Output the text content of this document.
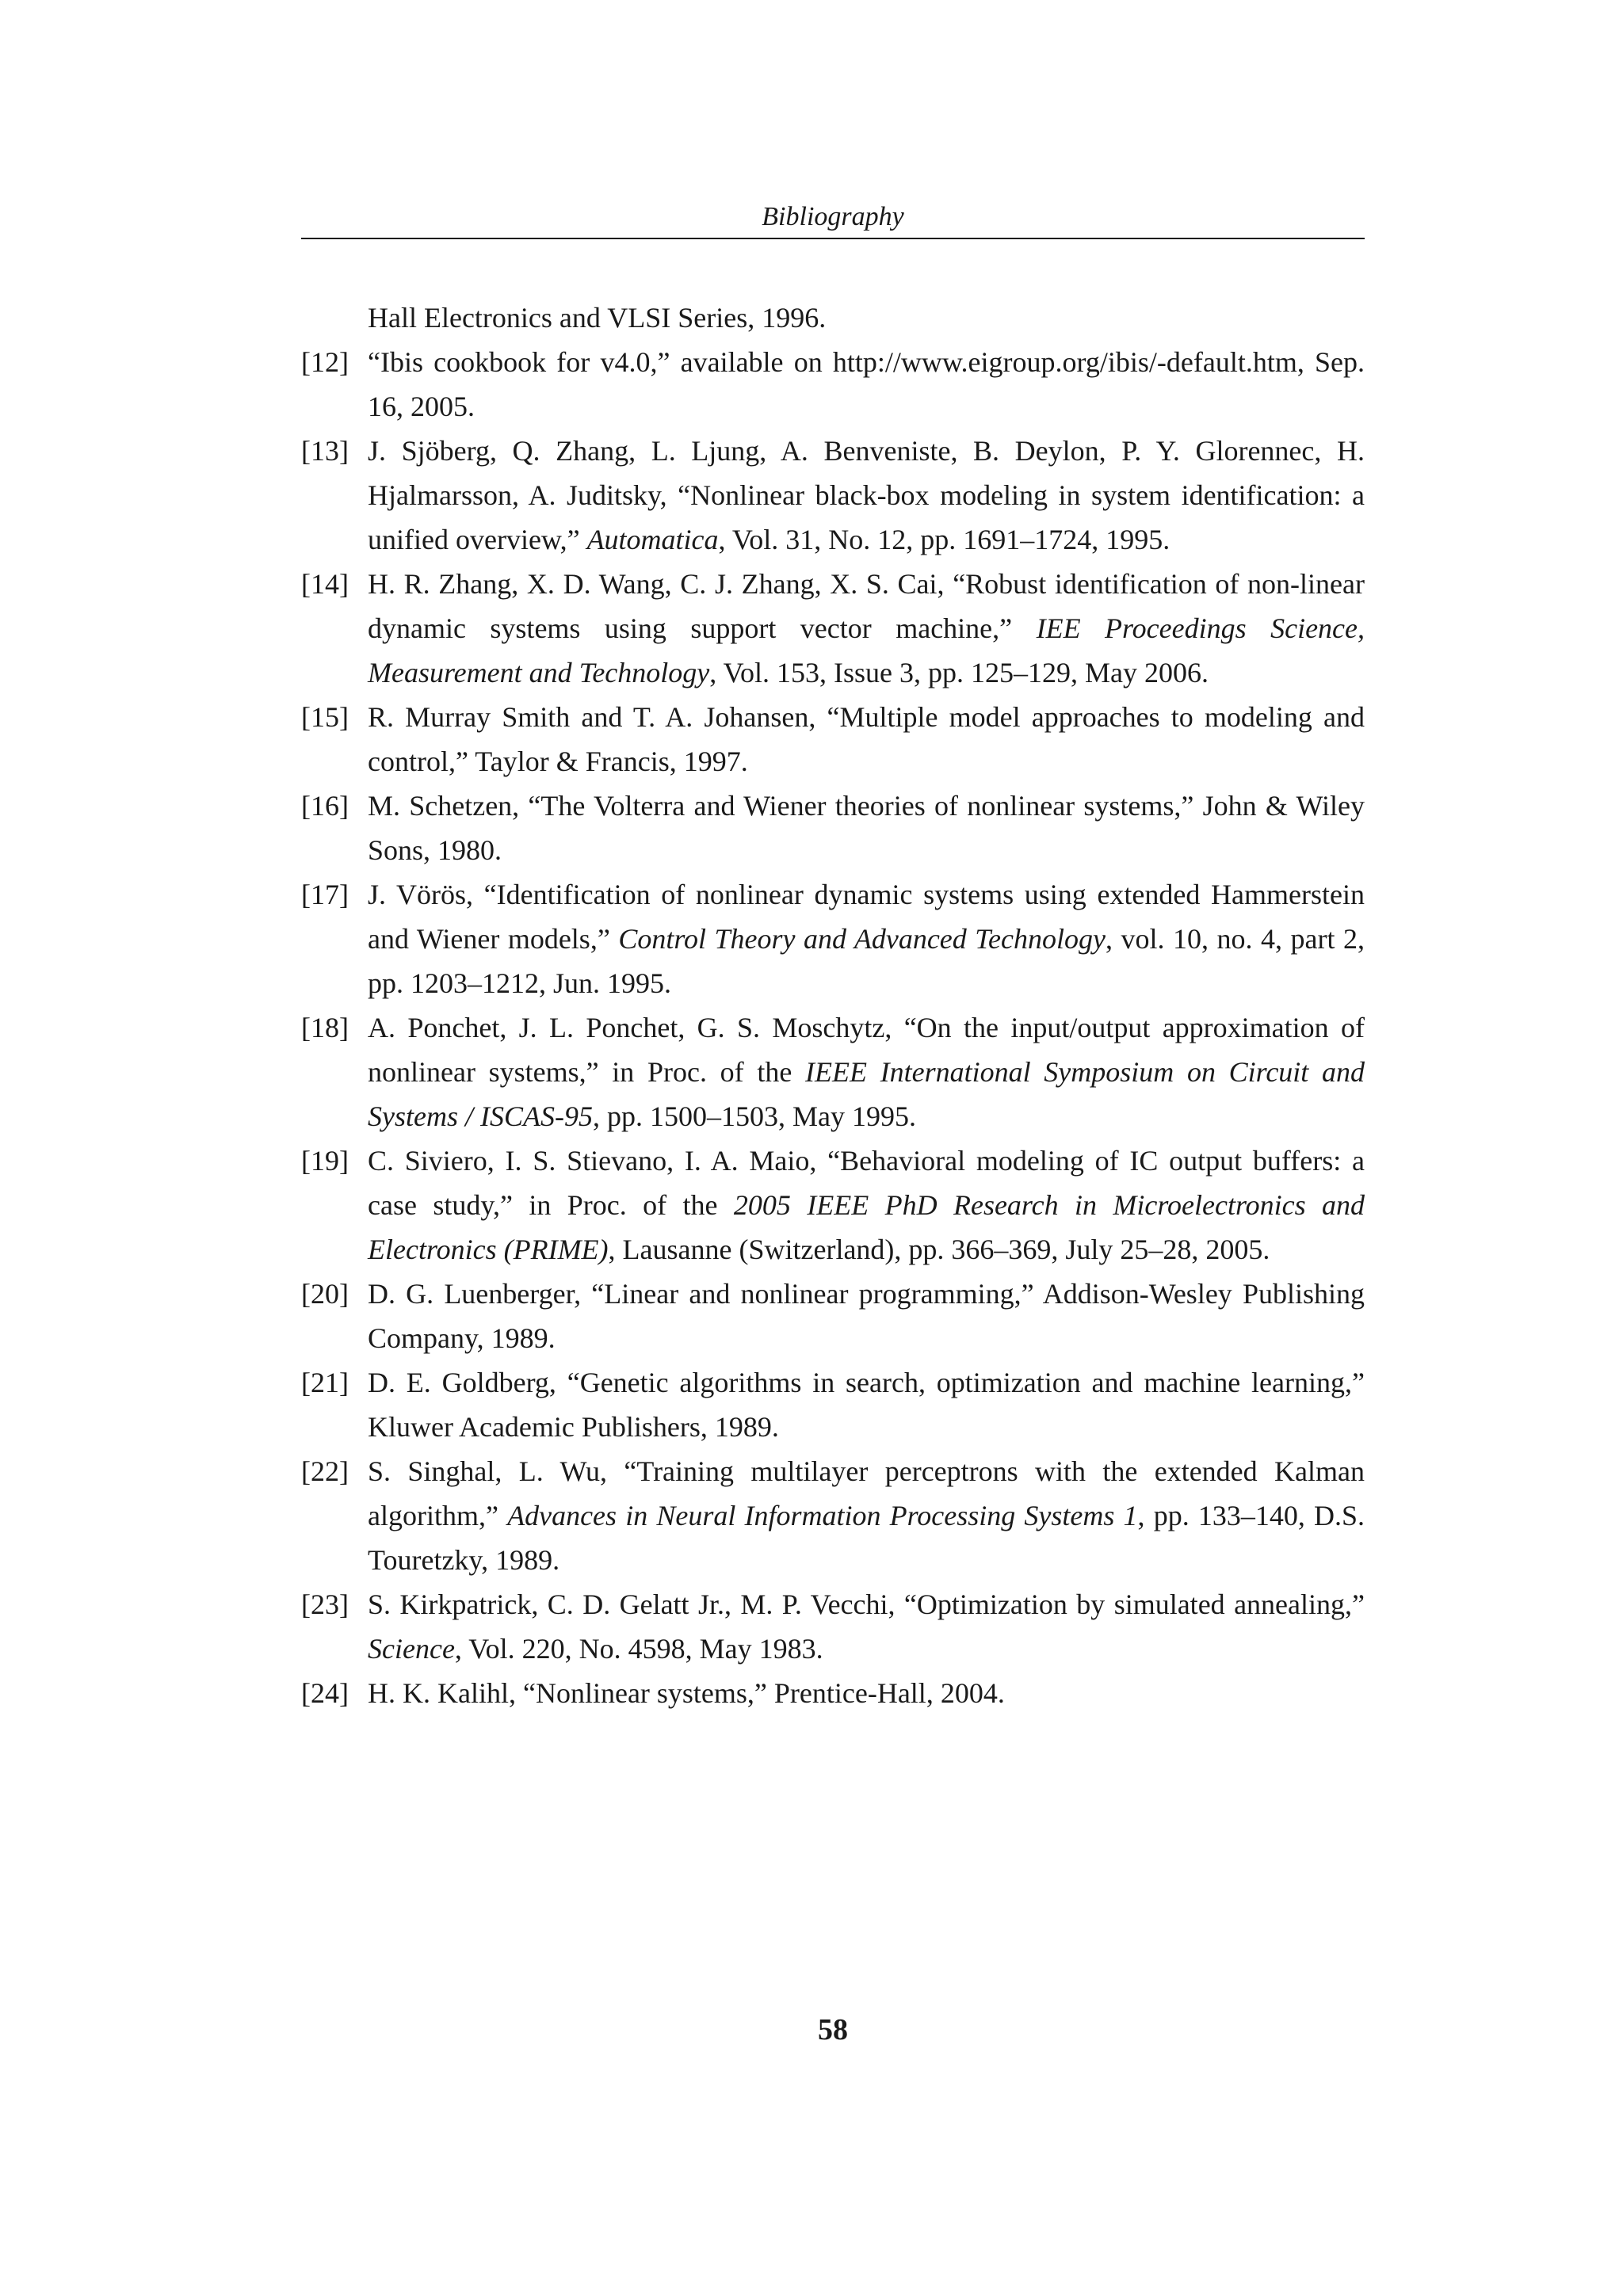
Bibliography
Hall Electronics and VLSI Series, 1996.
[12] “Ibis cookbook for v4.0,” available on http://www.eigroup.org/ibis/-default.htm, Sep. 16, 2005.
[13] J. Sjöberg, Q. Zhang, L. Ljung, A. Benveniste, B. Deylon, P. Y. Glorennec, H. Hjalmarsson, A. Juditsky, “Nonlinear black-box modeling in system identification: a unified overview,” Automatica, Vol. 31, No. 12, pp. 1691–1724, 1995.
[14] H. R. Zhang, X. D. Wang, C. J. Zhang, X. S. Cai, “Robust identification of non-linear dynamic systems using support vector machine,” IEE Proceedings Science, Measurement and Technology, Vol. 153, Issue 3, pp. 125–129, May 2006.
[15] R. Murray Smith and T. A. Johansen, “Multiple model approaches to modeling and control,” Taylor & Francis, 1997.
[16] M. Schetzen, “The Volterra and Wiener theories of nonlinear systems,” John & Wiley Sons, 1980.
[17] J. Vörös, “Identification of nonlinear dynamic systems using extended Hammerstein and Wiener models,” Control Theory and Advanced Technology, vol. 10, no. 4, part 2, pp. 1203–1212, Jun. 1995.
[18] A. Ponchet, J. L. Ponchet, G. S. Moschytz, “On the input/output approximation of nonlinear systems,” in Proc. of the IEEE International Symposium on Circuit and Systems / ISCAS-95, pp. 1500–1503, May 1995.
[19] C. Siviero, I. S. Stievano, I. A. Maio, “Behavioral modeling of IC output buffers: a case study,” in Proc. of the 2005 IEEE PhD Research in Microelectronics and Electronics (PRIME), Lausanne (Switzerland), pp. 366–369, July 25–28, 2005.
[20] D. G. Luenberger, “Linear and nonlinear programming,” Addison-Wesley Publishing Company, 1989.
[21] D. E. Goldberg, “Genetic algorithms in search, optimization and machine learning,” Kluwer Academic Publishers, 1989.
[22] S. Singhal, L. Wu, “Training multilayer perceptrons with the extended Kalman algorithm,” Advances in Neural Information Processing Systems 1, pp. 133–140, D.S. Touretzky, 1989.
[23] S. Kirkpatrick, C. D. Gelatt Jr., M. P. Vecchi, “Optimization by simulated annealing,” Science, Vol. 220, No. 4598, May 1983.
[24] H. K. Kalihl, “Nonlinear systems,” Prentice-Hall, 2004.
58
